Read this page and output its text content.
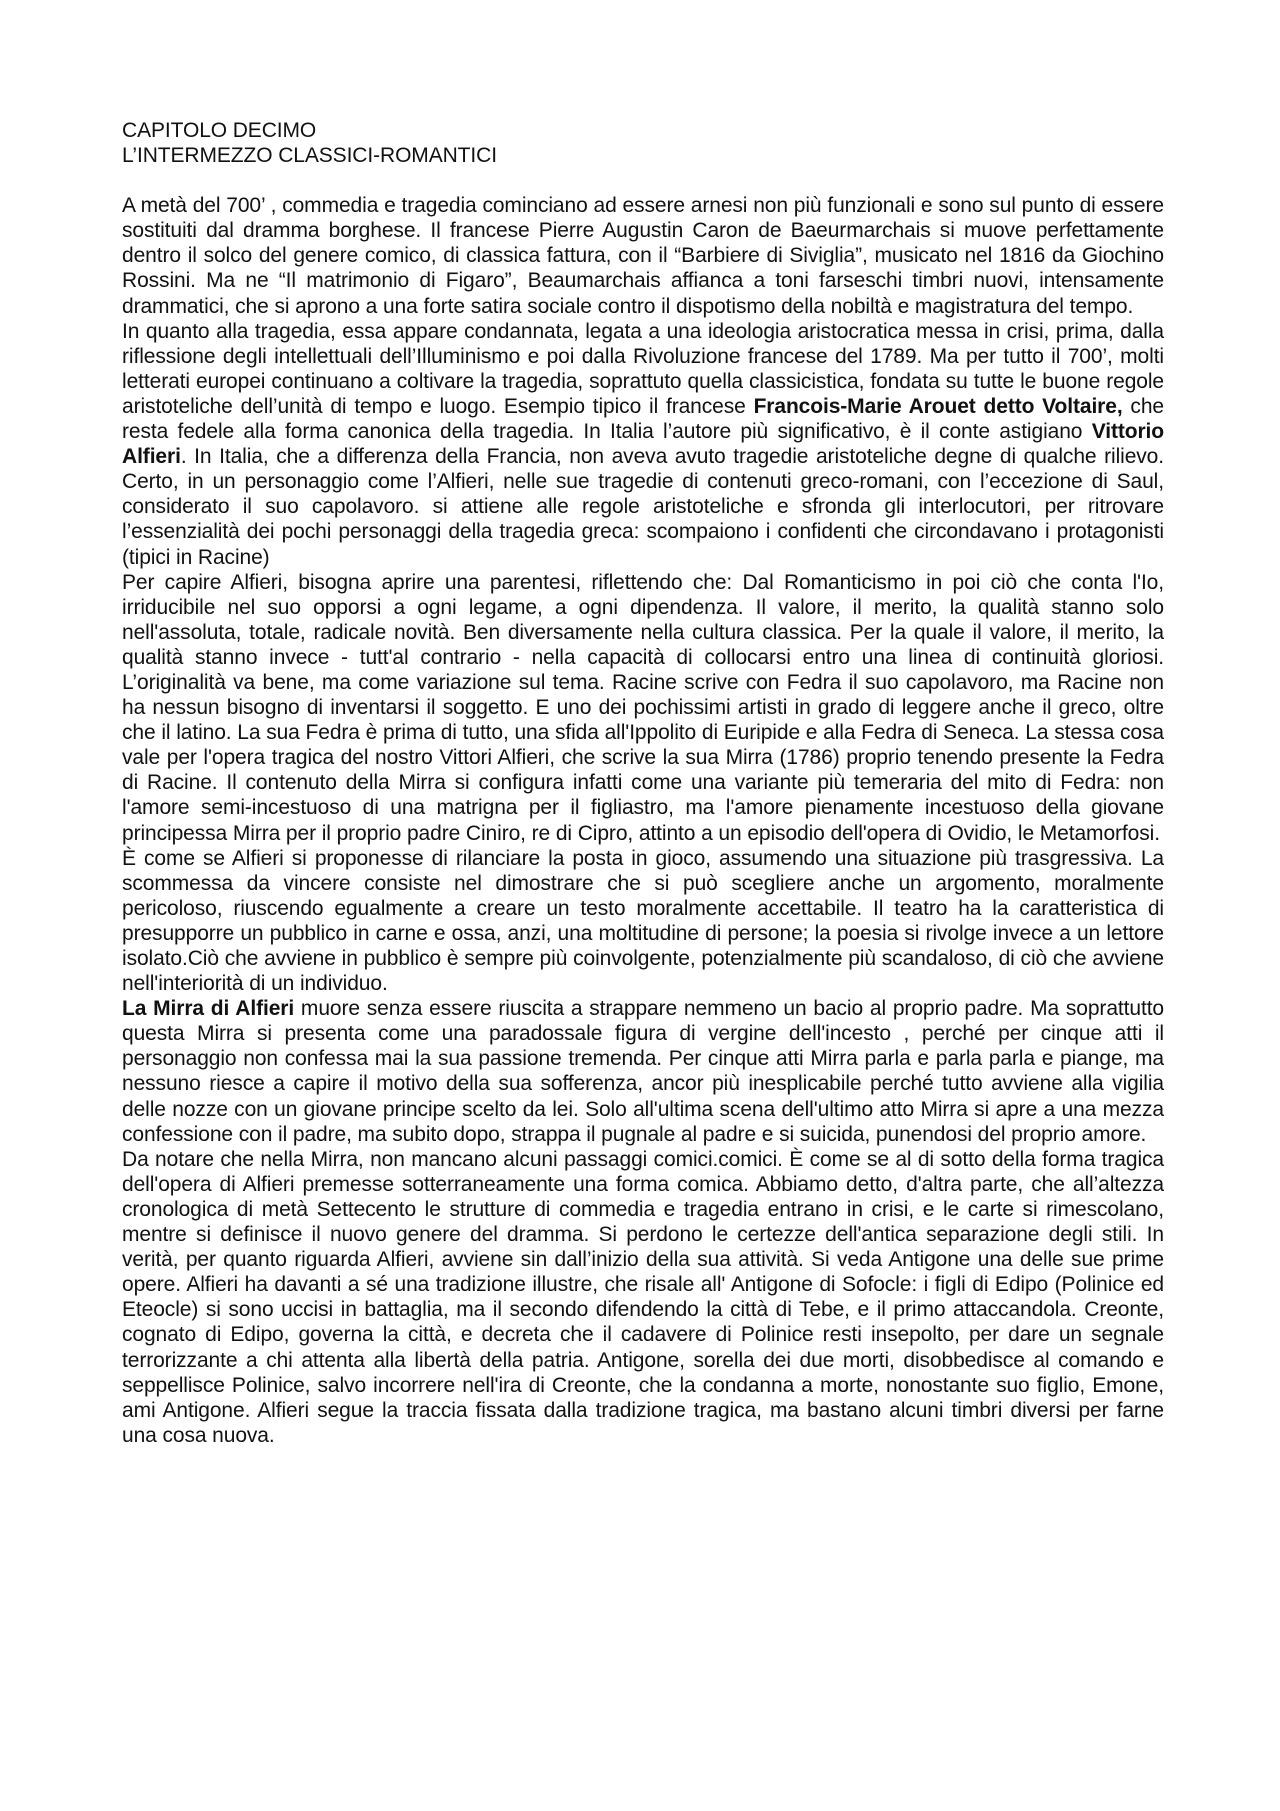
CAPITOLO DECIMO

L’INTERMEZZO CLASSICI-ROMANTICI

A metà del 700’ , commedia e tragedia cominciano ad essere arnesi non più funzionali e sono sul punto di essere sostituiti dal dramma borghese. Il francese Pierre Augustin Caron de Baeurmarchais si muove perfettamente dentro il solco del genere comico, di classica fattura, con il “Barbiere di Siviglia”, musicato nel 1816 da Giochino Rossini. Ma ne “Il matrimonio di Figaro”, Beaumarchais affianca a toni farseschi timbri nuovi, intensamente drammatici, che si aprono a una forte satira sociale contro il dispotismo della nobiltà e magistratura del tempo.

In quanto alla tragedia, essa appare condannata, legata a una ideologia aristocratica messa in crisi, prima, dalla riflessione degli intellettuali dell’Illuminismo e poi dalla Rivoluzione francese del 1789. Ma per tutto il 700’, molti letterati europei continuano a coltivare la tragedia, soprattuto quella classicistica, fondata su tutte le buone regole aristoteliche dell’unità di tempo e luogo. Esempio tipico il francese Francois-Marie Arouet detto Voltaire, che resta fedele alla forma canonica della tragedia. In Italia l’autore più significativo, è il conte astigiano Vittorio Alfieri. In Italia, che a differenza della Francia, non aveva avuto tragedie aristoteliche degne di qualche rilievo. Certo, in un personaggio come l’Alfieri, nelle sue tragedie di contenuti greco-romani, con l’eccezione di Saul, considerato il suo capolavoro. si attiene alle regole aristoteliche e sfronda gli interlocutori, per ritrovare l’essenzialità dei pochi personaggi della tragedia greca: scompaiono i confidenti che circondavano i protagonisti (tipici in Racine)

Per capire Alfieri, bisogna aprire una parentesi, riflettendo che: Dal Romanticismo in poi ciò che conta l'Io, irriducibile nel suo opporsi a ogni legame, a ogni dipendenza. Il valore, il merito, la qualità stanno solo nell'assoluta, totale, radicale novità. Ben diversamente nella cultura classica. Per la quale il valore, il merito, la qualità stanno invece - tutt'al contrario - nella capacità di collocarsi entro una linea di continuità gloriosi. L’originalità va bene, ma come variazione sul tema. Racine scrive con Fedra il suo capolavoro, ma Racine non ha nessun bisogno di inventarsi il soggetto. E uno dei pochissimi artisti in grado di leggere anche il greco, oltre che il latino. La sua Fedra è prima di tutto, una sfida all'Ippolito di Euripide e alla Fedra di Seneca. La stessa cosa vale per l'opera tragica del nostro Vittori Alfieri, che scrive la sua Mirra (1786) proprio tenendo presente la Fedra di Racine. Il contenuto della Mirra si configura infatti come una variante più temeraria del mito di Fedra: non l'amore semi-incestuoso di una matrigna per il figliastro, ma l'amore pienamente incestuoso della giovane principessa Mirra per il proprio padre Ciniro, re di Cipro, attinto a un episodio dell'opera di Ovidio, le Metamorfosi.

È come se Alfieri si proponesse di rilanciare la posta in gioco, assumendo una situazione più trasgressiva. La scommessa da vincere consiste nel dimostrare che si può scegliere anche un argomento, moralmente pericoloso, riuscendo egualmente a creare un testo moralmente accettabile. Il teatro ha la caratteristica di presupporre un pubblico in carne e ossa, anzi, una moltitudine di persone; la poesia si rivolge invece a un lettore isolato.Ciò che avviene in pubblico è sempre più coinvolgente, potenzialmente più scandaloso, di ciò che avviene nell'interiorità di un individuo.

La Mirra di Alfieri muore senza essere riuscita a strappare nemmeno un bacio al proprio padre. Ma soprattutto questa Mirra si presenta come una paradossale figura di vergine dell'incesto , perché per cinque atti il personaggio non confessa mai la sua passione tremenda. Per cinque atti Mirra parla e parla parla e piange, ma nessuno riesce a capire il motivo della sua sofferenza, ancor più inesplicabile perché tutto avviene alla vigilia delle nozze con un giovane principe scelto da lei. Solo all'ultima scena dell'ultimo atto Mirra si apre a una mezza confessione con il padre, ma subito dopo, strappa il pugnale al padre e si suicida, punendosi del proprio amore.

Da notare che nella Mirra, non mancano alcuni passaggi comici.comici. È come se al di sotto della forma tragica dell'opera di Alfieri premesse sotterraneamente una forma comica. Abbiamo detto, d'altra parte, che all’altezza cronologica di metà Settecento le strutture di commedia e tragedia entrano in crisi, e le carte si rimescolano, mentre si definisce il nuovo genere del dramma. Si perdono le certezze dell'antica separazione degli stili. In verità, per quanto riguarda Alfieri, avviene sin dall’inizio della sua attività. Si veda Antigone una delle sue prime opere. Alfieri ha davanti a sé una tradizione illustre, che risale all' Antigone di Sofocle: i figli di Edipo (Polinice ed Eteocle) si sono uccisi in battaglia, ma il secondo difendendo la città di Tebe, e il primo attaccandola. Creonte, cognato di Edipo, governa la città, e decreta che il cadavere di Polinice resti insepolto, per dare un segnale terrorizzante a chi attenta alla libertà della patria. Antigone, sorella dei due morti, disobbedisce al comando e seppellisce Polinice, salvo incorrere nell'ira di Creonte, che la condanna a morte, nonostante suo figlio, Emone, ami Antigone. Alfieri segue la traccia fissata dalla tradizione tragica, ma bastano alcuni timbri diversi per farne una cosa nuova.
